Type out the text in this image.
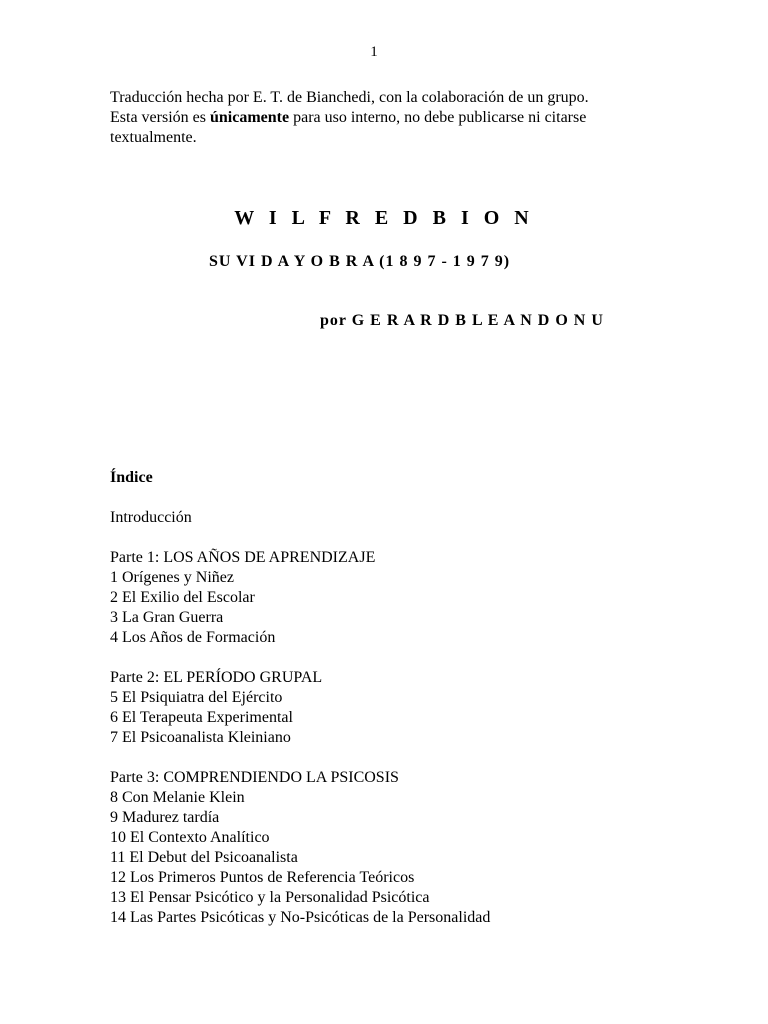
1
Traducción hecha por E. T. de Bianchedi, con la colaboración de un grupo.
Esta versión es únicamente para uso interno, no debe publicarse ni citarse
textualmente.
W I L F R E D B I O N
SU VI D A Y O B R A (1 8 9 7 - 1 9 7 9)
por G E R A R D B L E A N D O N U
Índice
Introducción
Parte 1: LOS AÑOS DE APRENDIZAJE
1 Orígenes y Niñez
2 El Exilio del Escolar
3 La Gran Guerra
4 Los Años de Formación
Parte 2: EL PERÍODO GRUPAL
5 El Psiquiatra del Ejército
6 El Terapeuta Experimental
7 El Psicoanalista Kleiniano
Parte 3: COMPRENDIENDO LA PSICOSIS
8 Con Melanie Klein
9 Madurez tardía
10 El Contexto Analítico
11 El Debut del Psicoanalista
12 Los Primeros Puntos de Referencia Teóricos
13 El Pensar Psicótico y la Personalidad Psicótica
14 Las Partes Psicóticas y No-Psicóticas de la Personalidad
